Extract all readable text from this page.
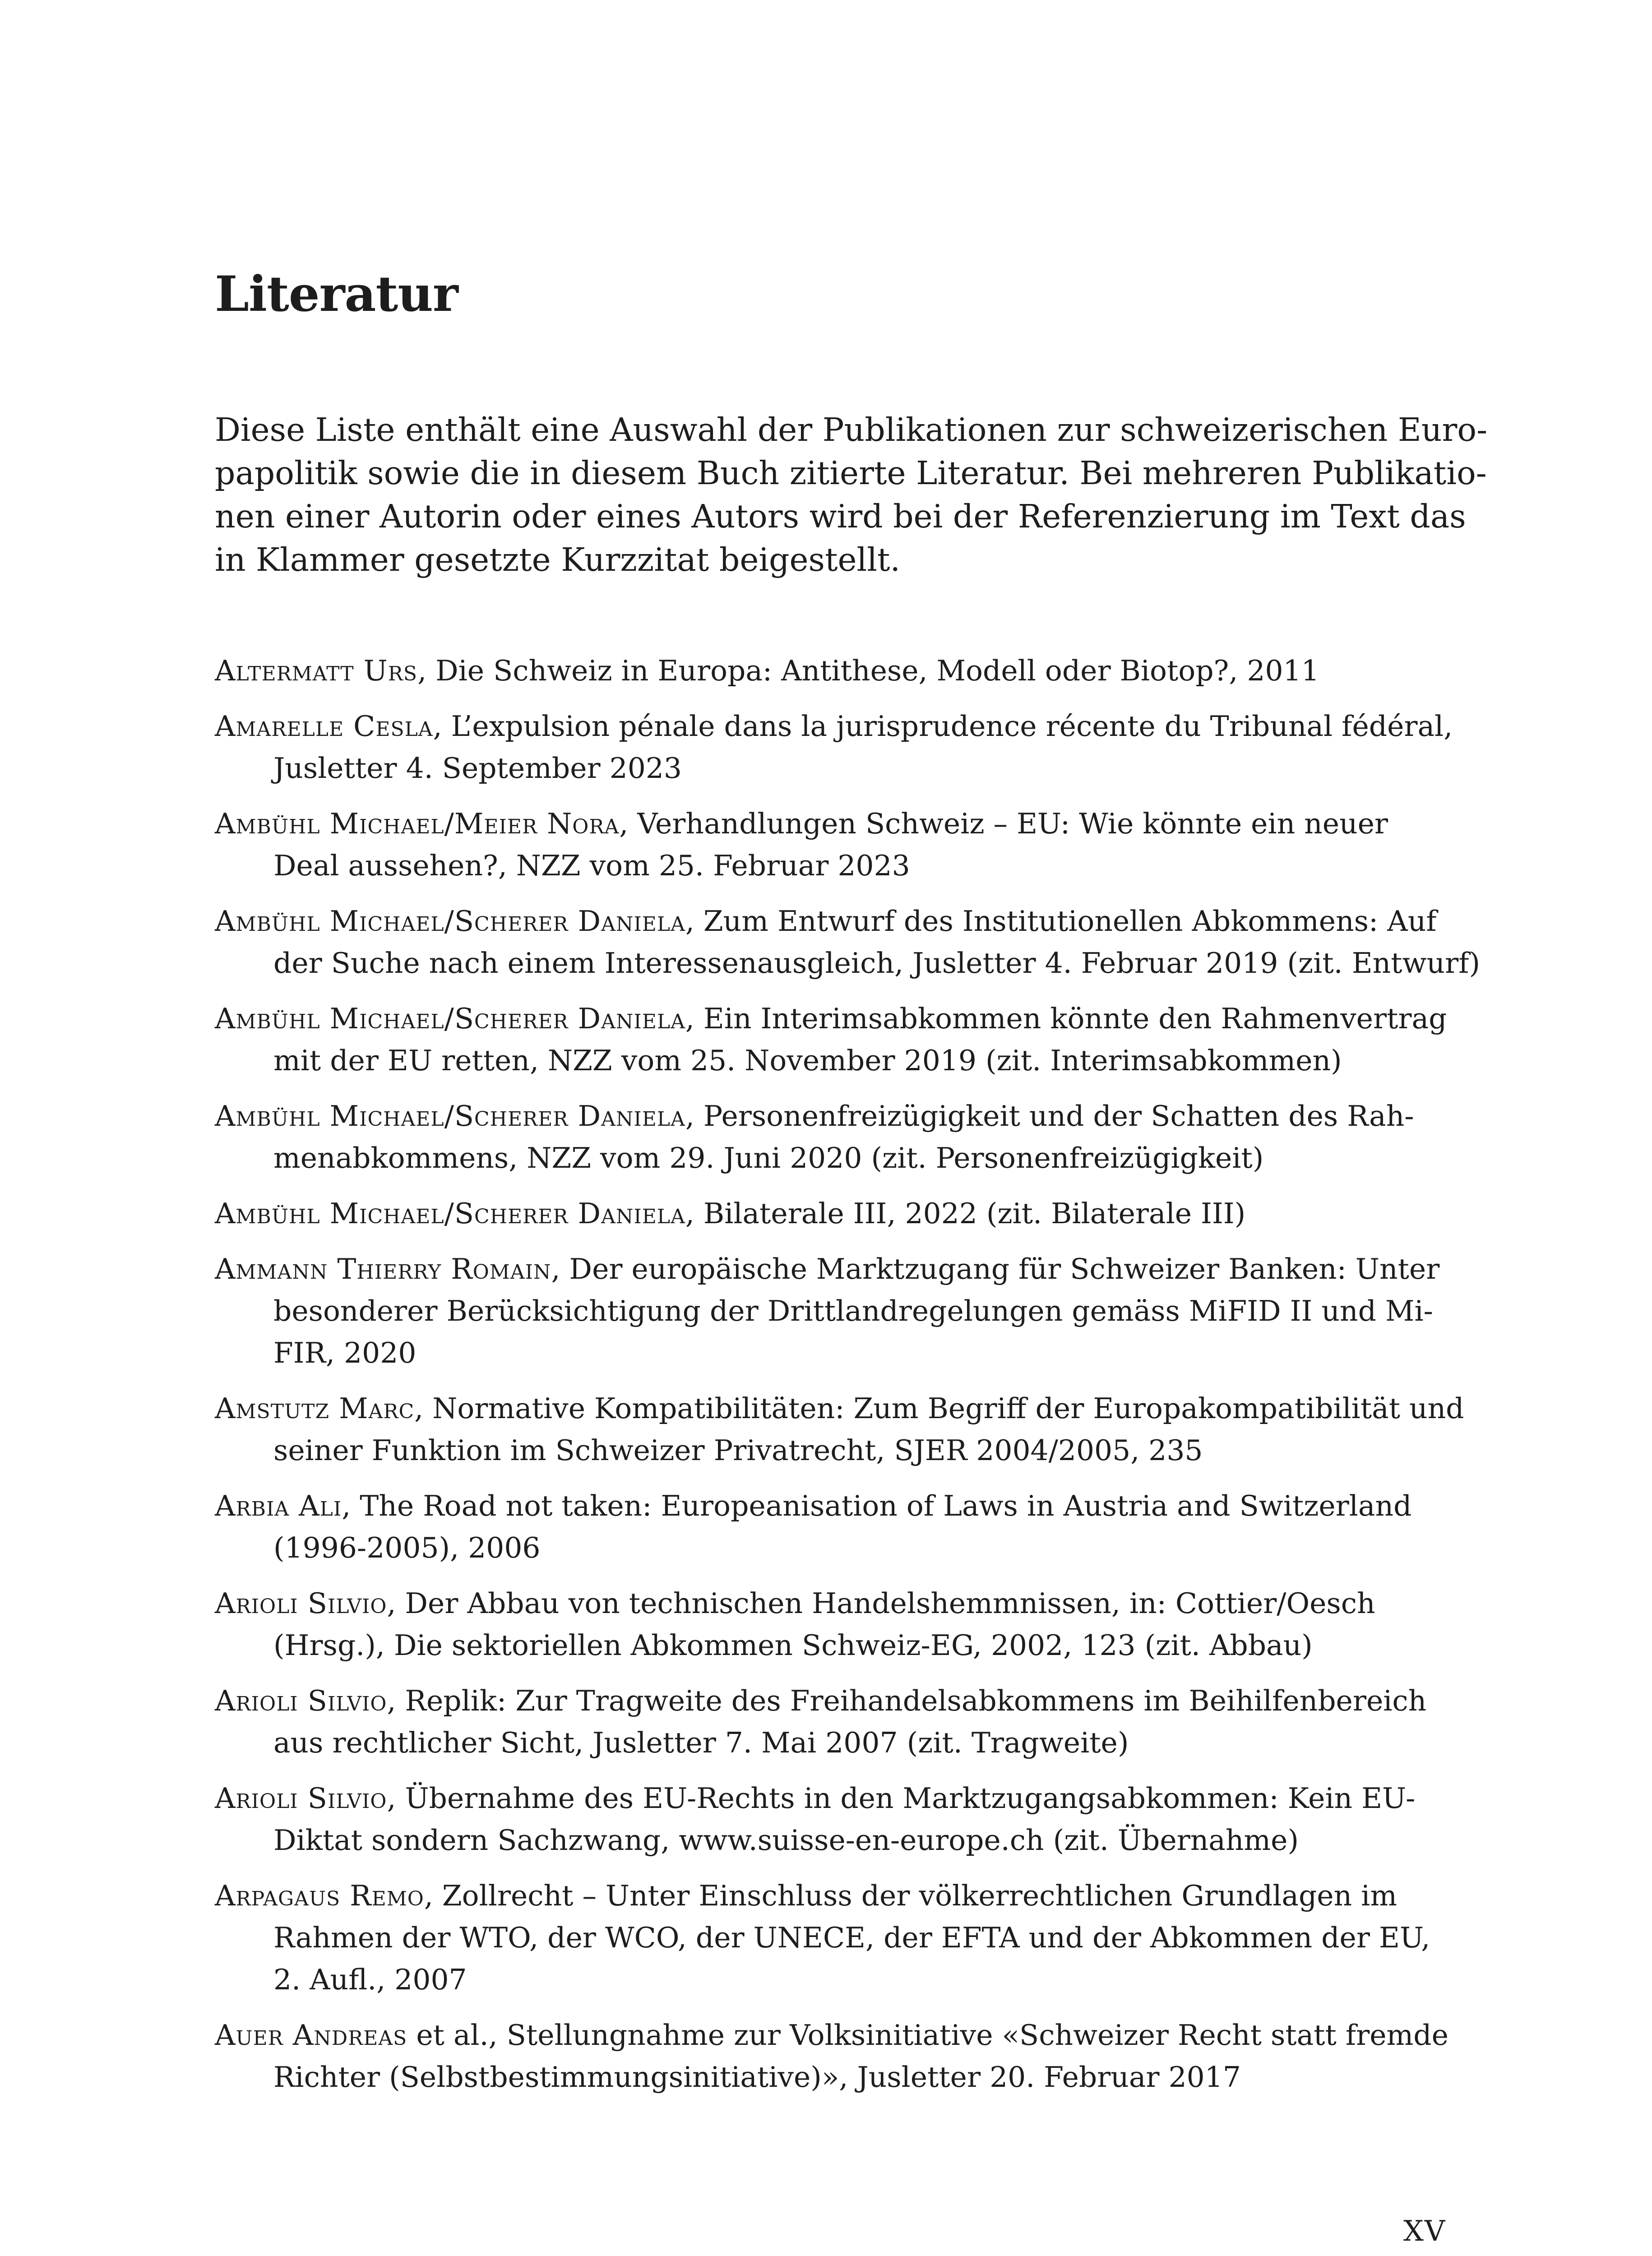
Literatur

Diese Liste enthält eine Auswahl der Publikationen zur schweizerischen Euro-
papolitik sowie die in diesem Buch zitierte Literatur. Bei mehreren Publikatio-
nen einer Autorin oder eines Autors wird bei der Referenzierung im Text das
in Klammer gesetzte Kurzzitat beigestellt.

Altermatt Urs, Die Schweiz in Europa: Antithese, Modell oder Biotop?, 2011
Amarelle Cesla, L’expulsion pénale dans la jurisprudence récente du Tribunal fédéral,
Jusletter 4. September 2023
Ambühl Michael/Meier Nora, Verhandlungen Schweiz – EU: Wie könnte ein neuer
Deal aussehen?, NZZ vom 25. Februar 2023
Ambühl Michael/Scherer Daniela, Zum Entwurf des Institutionellen Abkommens: Auf
der Suche nach einem Interessenausgleich, Jusletter 4. Februar 2019 (zit. Entwurf)
Ambühl Michael/Scherer Daniela, Ein Interimsabkommen könnte den Rahmenvertrag
mit der EU retten, NZZ vom 25. November 2019 (zit. Interimsabkommen)
Ambühl Michael/Scherer Daniela, Personenfreizügigkeit und der Schatten des Rah-
menabkommens, NZZ vom 29. Juni 2020 (zit. Personenfreizügigkeit)
Ambühl Michael/Scherer Daniela, Bilaterale III, 2022 (zit. Bilaterale III)
Ammann Thierry Romain, Der europäische Marktzugang für Schweizer Banken: Unter
besonderer Berücksichtigung der Drittlandregelungen gemäss MiFID II und Mi-
FIR, 2020
Amstutz Marc, Normative Kompatibilitäten: Zum Begriff der Europakompatibilität und
seiner Funktion im Schweizer Privatrecht, SJER 2004/2005, 235
Arbia Ali, The Road not taken: Europeanisation of Laws in Austria and Switzerland
(1996-2005), 2006
Arioli Silvio, Der Abbau von technischen Handelshemmnissen, in: Cottier/Oesch
(Hrsg.), Die sektoriellen Abkommen Schweiz-EG, 2002, 123 (zit. Abbau)
Arioli Silvio, Replik: Zur Tragweite des Freihandelsabkommens im Beihilfenbereich
aus rechtlicher Sicht, Jusletter 7. Mai 2007 (zit. Tragweite)
Arioli Silvio, Übernahme des EU-Rechts in den Marktzugangsabkommen: Kein EU-
Diktat sondern Sachzwang, www.suisse-en-europe.ch (zit. Übernahme)
Arpagaus Remo, Zollrecht – Unter Einschluss der völkerrechtlichen Grundlagen im
Rahmen der WTO, der WCO, der UNECE, der EFTA und der Abkommen der EU,
2. Aufl., 2007
Auer Andreas et al., Stellungnahme zur Volksinitiative «Schweizer Recht statt fremde
Richter (Selbstbestimmungsinitiative)», Jusletter 20. Februar 2017
XV
